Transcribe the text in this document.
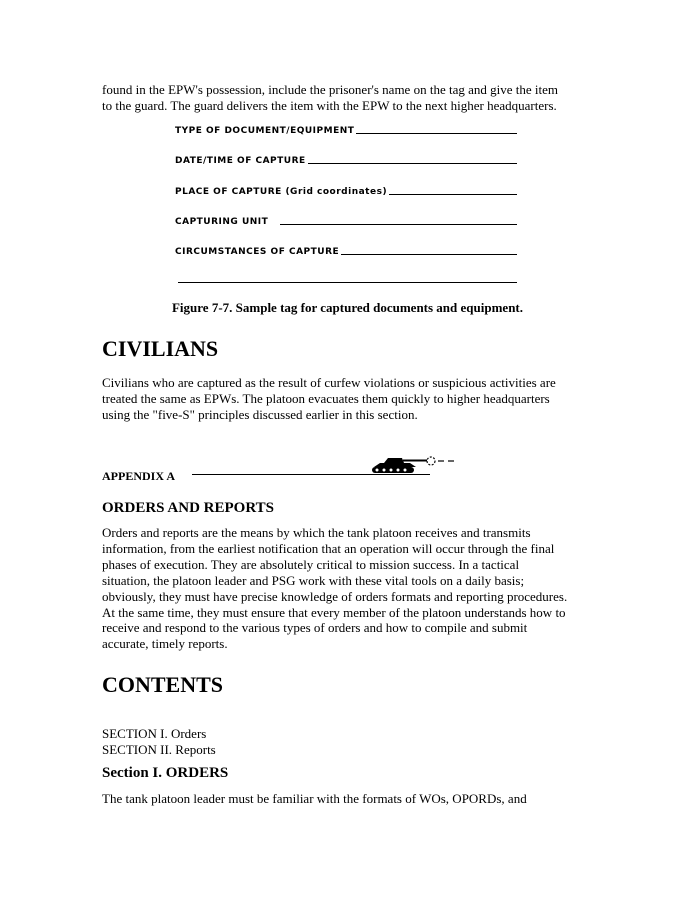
found in the EPW's possession, include the prisoner's name on the tag and give the item
to the guard. The guard delivers the item with the EPW to the next higher headquarters.
TYPE OF DOCUMENT/EQUIPMENT
DATE/TIME OF CAPTURE
PLACE OF CAPTURE (Grid coordinates)
CAPTURING UNIT
CIRCUMSTANCES OF CAPTURE
Figure 7-7. Sample tag for captured documents and equipment.
CIVILIANS
Civilians who are captured as the result of curfew violations or suspicious activities are
treated the same as EPWs. The platoon evacuates them quickly to higher headquarters
using the "five-S" principles discussed earlier in this section.
APPENDIX A
ORDERS AND REPORTS
Orders and reports are the means by which the tank platoon receives and transmits
information, from the earliest notification that an operation will occur through the final
phases of execution. They are absolutely critical to mission success. In a tactical
situation, the platoon leader and PSG work with these vital tools on a daily basis;
obviously, they must have precise knowledge of orders formats and reporting procedures.
At the same time, they must ensure that every member of the platoon understands how to
receive and respond to the various types of orders and how to compile and submit
accurate, timely reports.
CONTENTS
SECTION I. Orders
SECTION II. Reports
Section I. ORDERS
The tank platoon leader must be familiar with the formats of WOs, OPORDs, and
